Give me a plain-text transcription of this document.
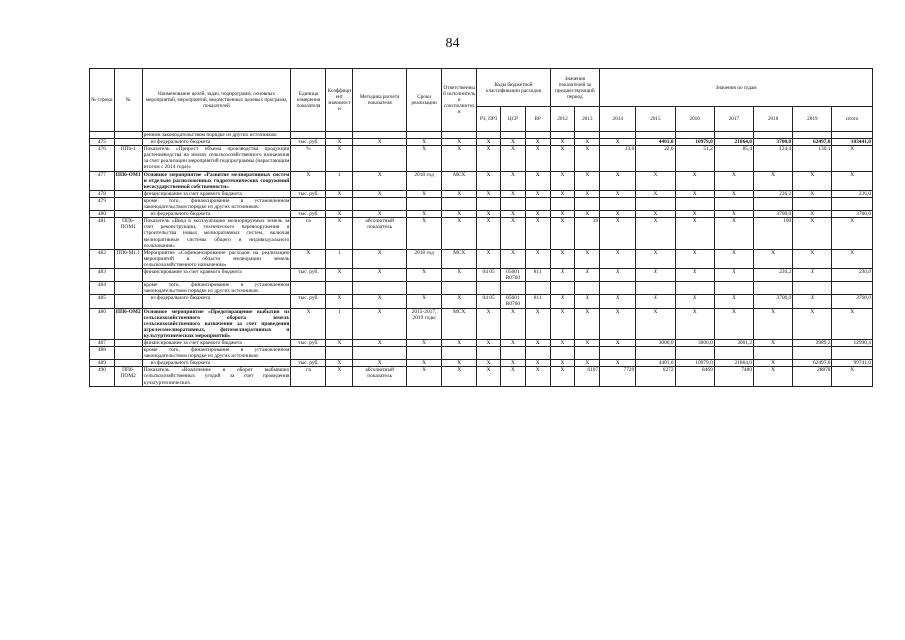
84
№ строки	№	Наименование целей, задач, подпрограмм, основных мероприятий, мероприятий, ведомственных целевых программ, показателей	Единица измерения показателя	Коэффициент значимости	Методика расчета показателя	Сроки реализации	Ответственный исполнитель и соисполнители	Коды бюджетной классификации расходов			Значения показателей за предшествующий период		Значения по годам						
								РЗ, ПР3	ЦСР	ВР	2012	2013	2014	2015	2016	2017	2018	2019	итого
		ренном законодательством порядке из других источников:																	
475		из федерального бюджета	тыс. руб.	X	X	X	X	X	X	X	X	X	X	4401,0	10979,0	21864,0	3700,0	62497,0	103441,0
476	ПП6-1	Показатель «Прирост объема производства продукции растениеводства на землях сельскохозяйственного назначения за счет реализации мероприятий подпрограммы (нарастающим итогом с 2014 года)»	%	X		X	X	X	X	X	X	X	13,0	22,6	51,2	85,4	124,4	130,1	X
477	ПП6-ОМ1	Основное мероприятие «Развитие мелиоративных систем и отдельно расположенных гидротехнических сооружений несосударственной собственности»	X	1	X	2018 год	МСХ	X	X	X	X	X	X	X	X	X	X	X	X
478		финансирование за счет краевого бюджета	тыс. руб.	X	X	X	X	X	X	X	X	X	X	X	X	X	236,2	X	236,0
479		кроме того, финансирование в установленном законодательством порядке из других источников:																	
480		из федерального бюджета	тыс. руб.	X	X	X	X	X	X	X	X	X	X	X	X	X	3700,0	X	3700,0
481	ПП6-ПОМ1	Показатель «Ввод в эксплуатацию мелиорируемых земель за счет реконструкции, технического перевооружения и строительства новых мелиоративных систем, включая мелиоративные системы общего и индивидуального пользования»	га	X	абсолютный показатель	X	X	X	X	X	X	39	X	X	X	X	100	X	X
482	ПП6-М1.1	Мероприятие «Софинансирование расходов на реализацию мероприятий в области мелиорации земель сельскохозяйственного назначения»	X	1	X	2018 год	МСХ	X	X	X	X	X	X	X	X	X	X	X	X
483		финансирование за счет краевого бюджета	тыс. руб.	X	X	X	X	04 05	05601 R0760	811	X	X	X	X	X	X	236,2	X	236,0
484		кроме того, финансирование в установленном законодательством порядке из других источников:																	
485		из федерального бюджета	тыс. руб.	X	X	X	X	04 05	05601 R0760	811	X	X	X	X	X	X	3700,0	X	3700,0
486	ПП6-ОМ2	Основное мероприятие «Предотвращение выбытия из сельскохозяйственного оборота земель сельскохозяйственного назначения за счет проведения агролесомелиоративных, фитомелиоративных и культуртехнических мероприятий»	X	1	X	2015-2017, 2019 годы	МСХ	X	X	X	X	X	X	X	X	X	X	X	X
487		финансирование за счет краевого бюджета	тыс. руб.	X	X	X	X	X	X	X	X	X	X	3000,0	3000,0	3001,2	X	3989,2	12990,4
488		кроме того, финансирование в установленном законодательством порядке из других источников:																	
489		из федерального бюджета	тыс. руб.	X	X	X	X	X	X	X	X	X	X	4401,0	10979,0	21864,0	X	62497,0	99741,0
490	ПП6-ПОМ2	Показатель «Вовлечение в оборот выбывших сельскохозяйственных угодий за счет проведения культуртехнических	га	X	абсолютный показатель	X	X	X	X	X	X	6107	7729	6272	8469	7480	X	28878	X
